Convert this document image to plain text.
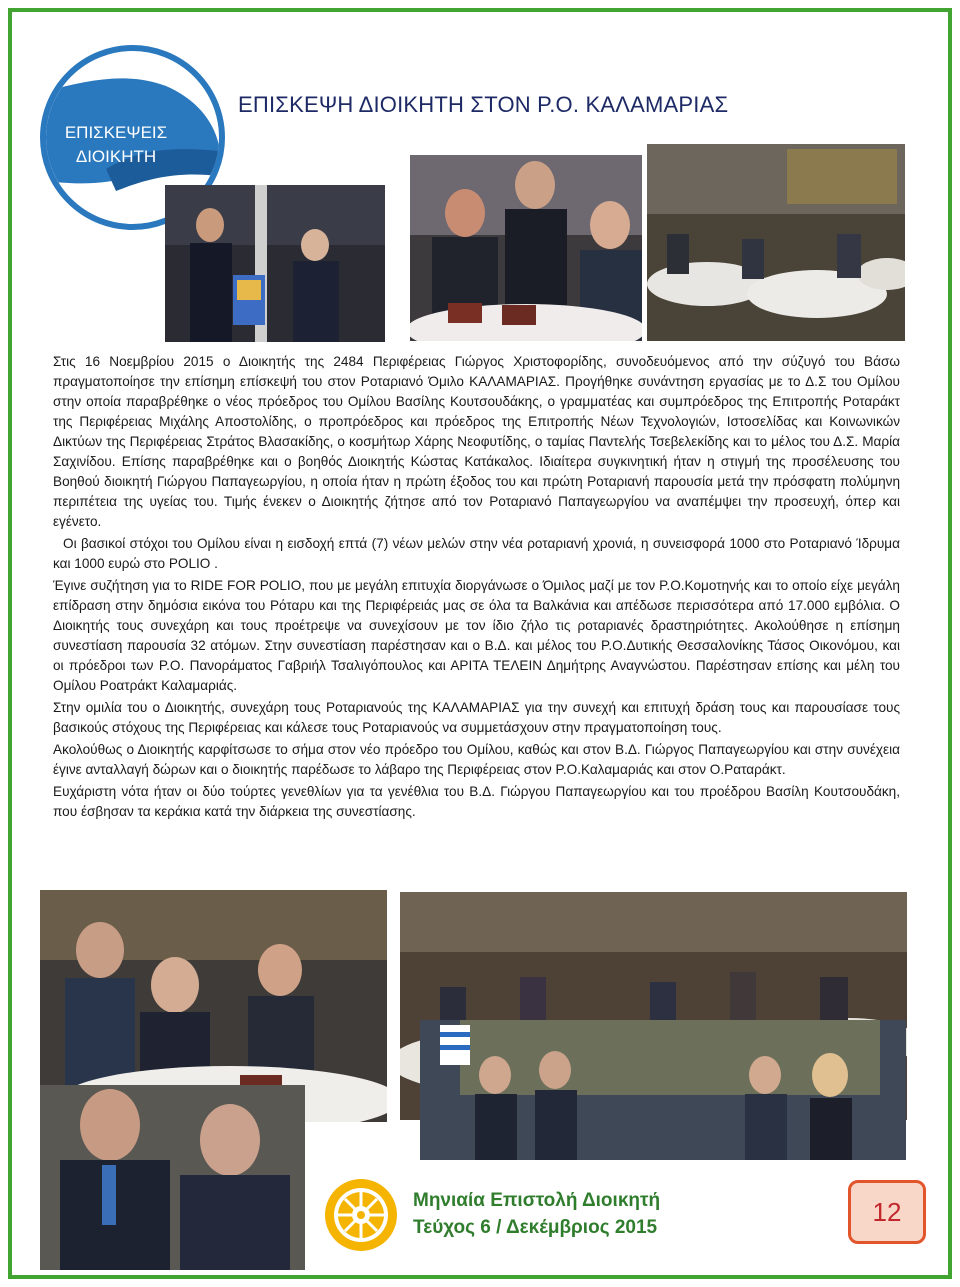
ΕΠΙΣΚΕΨΕΙΣ
ΔΙΟΙΚΗΤΗ
ΕΠΙΣΚΕΨΗ ΔΙΟΙΚΗΤΗ ΣΤΟΝ Ρ.Ο. ΚΑΛΑΜΑΡΙΑΣ

Στις 16 Νοεμβρίου 2015 ο Διοικητής της 2484 Περιφέρειας Γιώργος Χριστοφορίδης, συνοδευόμενος από την σύζυγό του Βάσω πραγματοποίησε την επίσημη επίσκεψή του στον Ροταριανό Όμιλο ΚΑΛΑΜΑΡΙΑΣ. Προγήθηκε συνάντηση εργασίας με το Δ.Σ του Ομίλου στην οποία παραβρέθηκε ο νέος πρόεδρος του Ομίλου Βασίλης Κουτσουδάκης, ο γραμματέας και συμπρόεδρος της Επιτροπής Ροταράκτ της Περιφέρειας Μιχάλης Αποστολίδης, ο προπρόεδρος και πρόεδρος της Επιτροπής Νέων Τεχνολογιών, Ιστοσελίδας και Κοινωνικών Δικτύων της Περιφέρειας Στράτος Βλασακίδης, ο κοσμήτωρ Χάρης Νεοφυτίδης, ο ταμίας Παντελής Τσεβελεκίδης και το μέλος του Δ.Σ. Μαρία Σαχινίδου. Επίσης παραβρέθηκε και ο βοηθός Διοικητής Κώστας Κατάκαλος. Ιδιαίτερα συγκινητική ήταν η στιγμή της προσέλευσης του Βοηθού διοικητή Γιώργου Παπαγεωργίου, η οποία ήταν η πρώτη έξοδος του και πρώτη Ροταριανή παρουσία μετά την πρόσφατη πολύμηνη περιπέτεια της υγείας του. Τιμής ένεκεν ο Διοικητής ζήτησε από τον Ροταριανό Παπαγεωργίου να αναπέμψει την προσευχή, όπερ και εγένετο.

Οι βασικοί στόχοι του Ομίλου είναι η εισδοχή επτά (7) νέων μελών στην νέα ροταριανή χρονιά, η συνεισφορά 1000 στο Ροταριανό Ίδρυμα και 1000 ευρώ στο POLIO .

Έγινε συζήτηση για το RIDE FOR POLIO, που με μεγάλη επιτυχία διοργάνωσε ο Όμιλος μαζί με τον Ρ.Ο.Κομοτηνής και το οποίο είχε μεγάλη επίδραση στην δημόσια εικόνα του Ρόταρυ και της Περιφέρειάς μας σε όλα τα Βαλκάνια και απέδωσε περισσότερα από 17.000 εμβόλια. Ο Διοικητής τους συνεχάρη και τους προέτρεψε να συνεχίσουν με τον ίδιο ζήλο τις ροταριανές δραστηριότητες. Ακολούθησε η επίσημη συνεστίαση παρουσία 32 ατόμων. Στην συνεστίαση παρέστησαν και ο Β.Δ. και μέλος του Ρ.Ο.Δυτικής Θεσσαλονίκης Τάσος Οικονόμου, και οι πρόεδροι των Ρ.Ο. Πανοράματος Γαβριήλ Τσαλιγόπουλος και ΑΡΙΤΑ ΤΕΛΕΙΝ Δημήτρης Αναγνώστου. Παρέστησαν επίσης και μέλη του Ομίλου Ροατράκτ Καλαμαριάς.

Στην ομιλία του ο Διοικητής, συνεχάρη τους Ροταριανούς της ΚΑΛΑΜΑΡΙΑΣ για την συνεχή και επιτυχή δράση τους και παρουσίασε τους βασικούς στόχους της Περιφέρειας και κάλεσε τους Ροταριανούς να συμμετάσχουν στην πραγματοποίηση τους.

Ακολούθως ο Διοικητής καρφίτσωσε το σήμα στον νέο πρόεδρο του Ομίλου, καθώς και στον Β.Δ. Γιώργος Παπαγεωργίου και στην συνέχεια έγινε ανταλλαγή δώρων και ο διοικητής παρέδωσε το λάβαρο της Περιφέρειας στον Ρ.Ο.Καλαμαριάς και στον Ο.Ραταράκτ.

Ευχάριστη νότα ήταν οι δύο τούρτες γενεθλίων για τα γενέθλια του Β.Δ. Γιώργου Παπαγεωργίου και του προέδρου Βασίλη Κουτσουδάκη, που έσβησαν τα κεράκια κατά την διάρκεια της συνεστίασης.

Μηνιαία Επιστολή Διοικητή
Τεύχος 6 / Δεκέμβριος 2015
12
